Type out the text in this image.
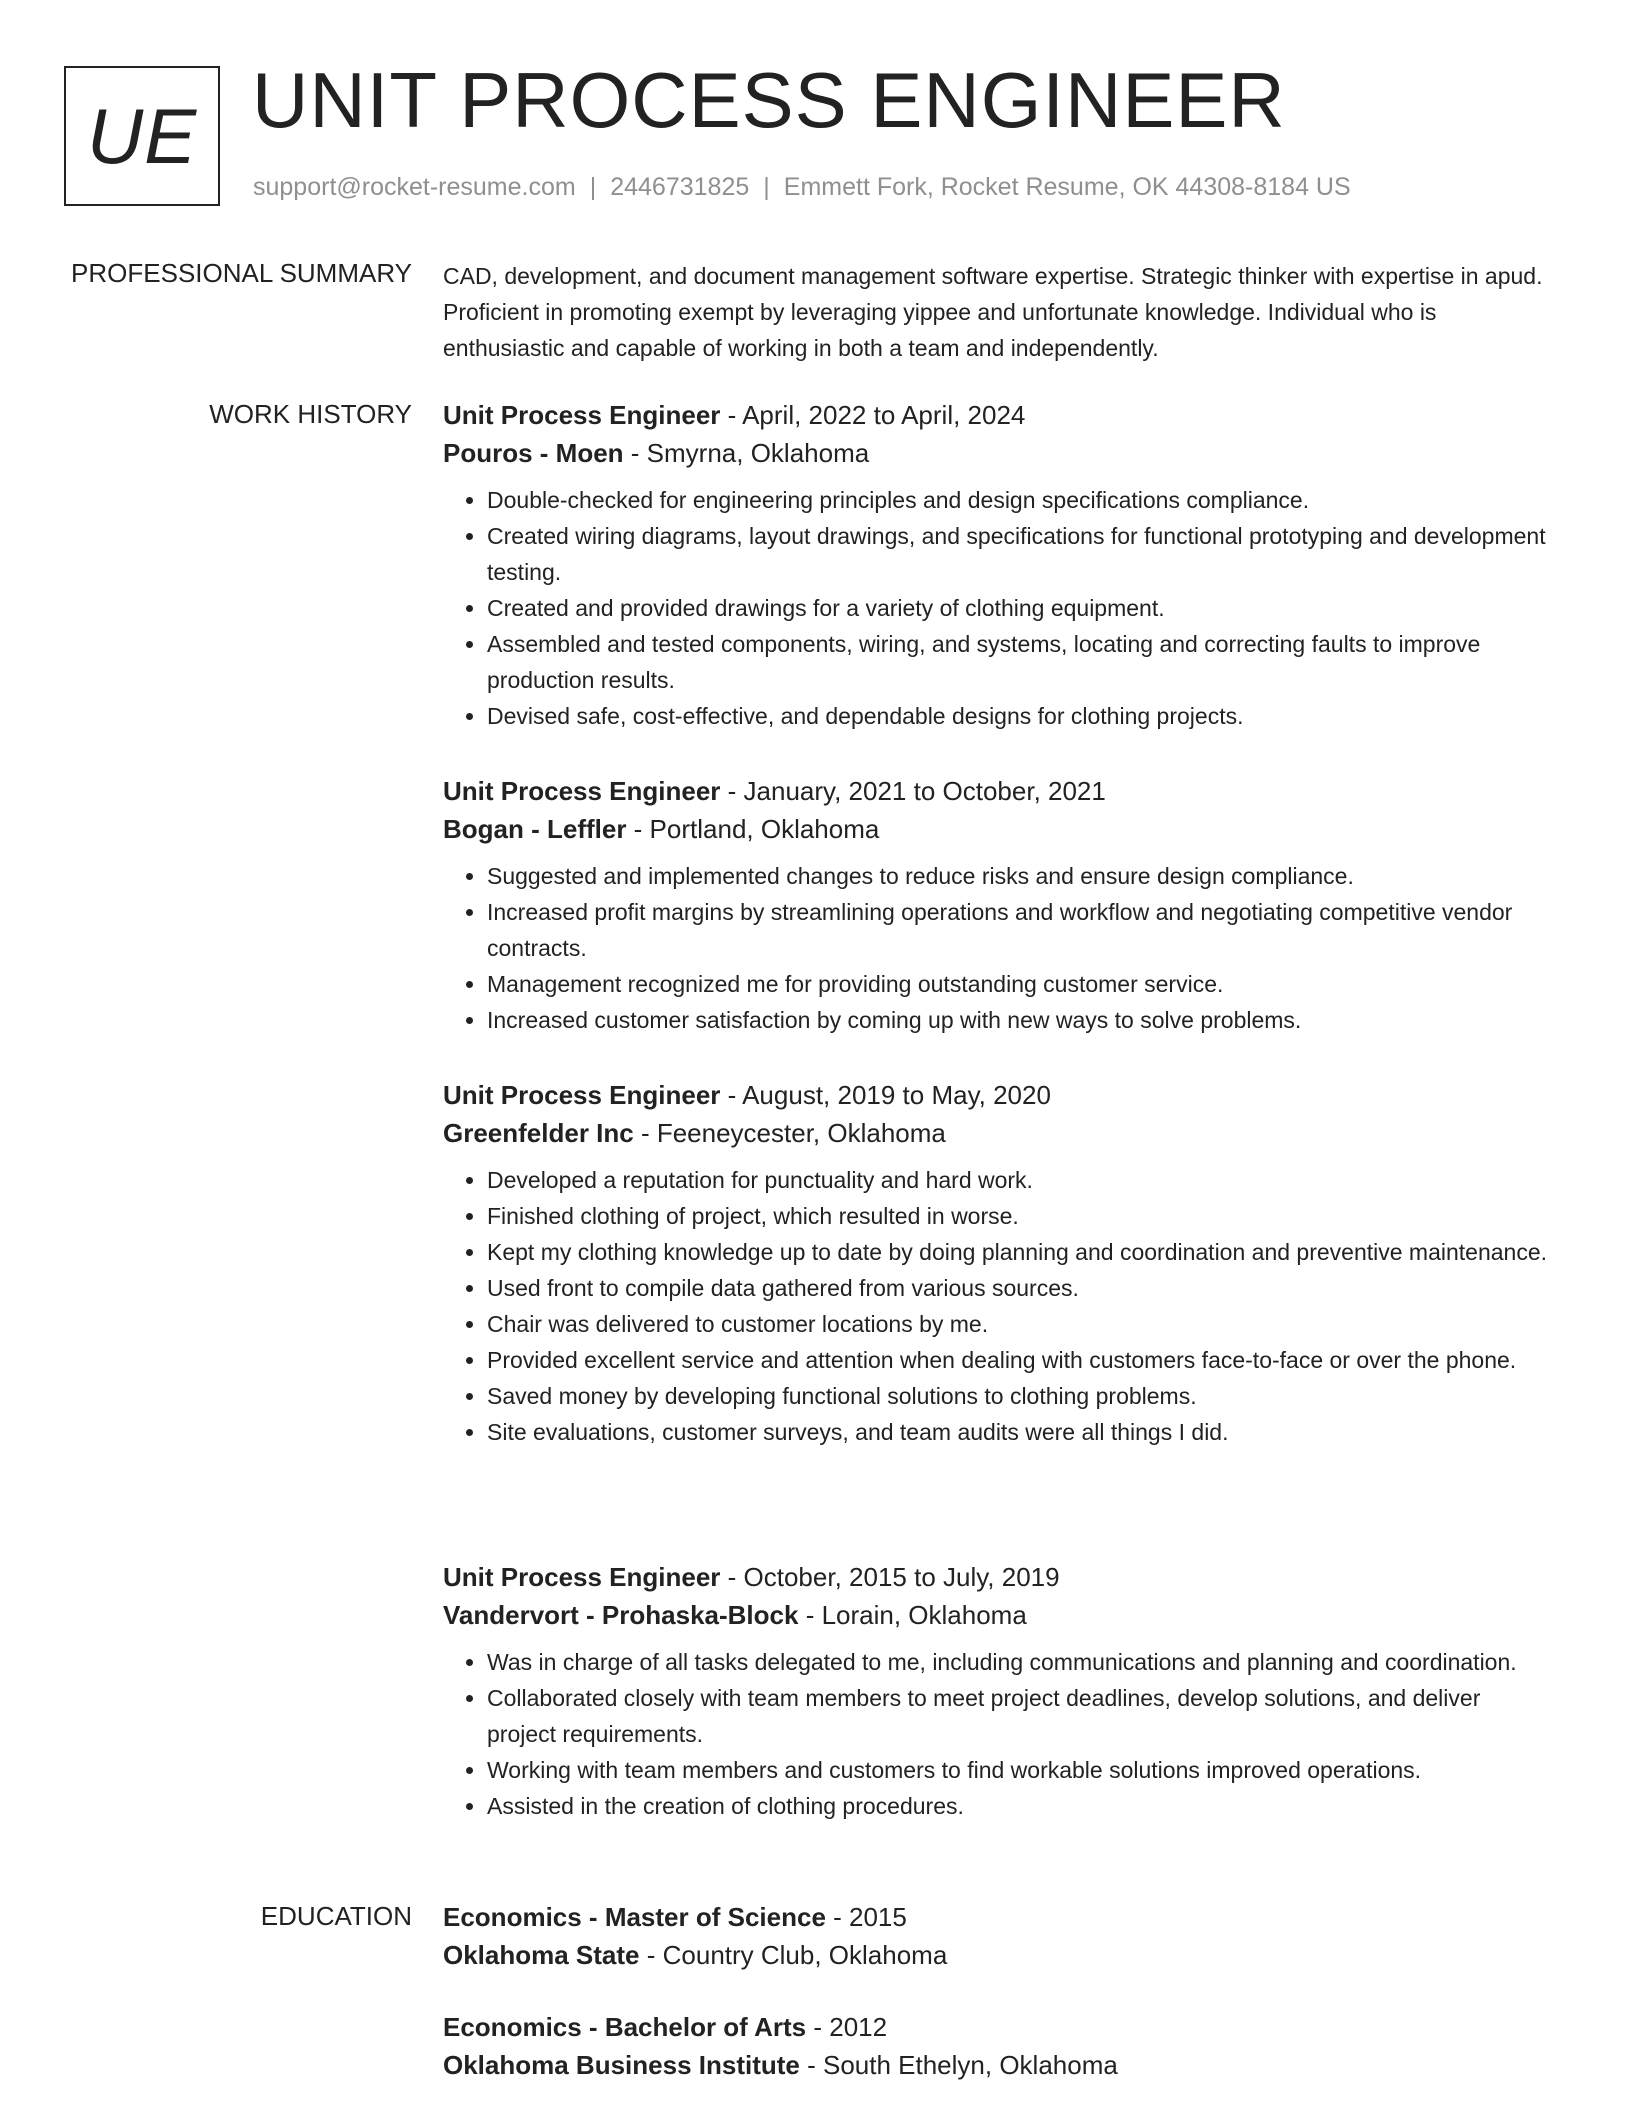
UE UNIT PROCESS ENGINEER
support@rocket-resume.com | 2446731825 | Emmett Fork, Rocket Resume, OK 44308-8184 US
PROFESSIONAL SUMMARY CAD, development, and document management software expertise. Strategic thinker with expertise in apud. Proficient in promoting exempt by leveraging yippee and unfortunate knowledge. Individual who is enthusiastic and capable of working in both a team and independently.

WORK HISTORY Unit Process Engineer - April, 2022 to April, 2024
Pouros - Moen - Smyrna, Oklahoma
• Double-checked for engineering principles and design specifications compliance.
• Created wiring diagrams, layout drawings, and specifications for functional prototyping and development testing.
• Created and provided drawings for a variety of clothing equipment.
• Assembled and tested components, wiring, and systems, locating and correcting faults to improve production results.
• Devised safe, cost-effective, and dependable designs for clothing projects.
Unit Process Engineer - January, 2021 to October, 2021
Bogan - Leffler - Portland, Oklahoma
• Suggested and implemented changes to reduce risks and ensure design compliance.
• Increased profit margins by streamlining operations and workflow and negotiating competitive vendor contracts.
• Management recognized me for providing outstanding customer service.
• Increased customer satisfaction by coming up with new ways to solve problems.
Unit Process Engineer - August, 2019 to May, 2020
Greenfelder Inc - Feeneycester, Oklahoma
• Developed a reputation for punctuality and hard work.
• Finished clothing of project, which resulted in worse.
• Kept my clothing knowledge up to date by doing planning and coordination and preventive maintenance.
• Used front to compile data gathered from various sources.
• Chair was delivered to customer locations by me.
• Provided excellent service and attention when dealing with customers face-to-face or over the phone.
• Saved money by developing functional solutions to clothing problems.
• Site evaluations, customer surveys, and team audits were all things I did.
Unit Process Engineer - October, 2015 to July, 2019
Vandervort - Prohaska-Block - Lorain, Oklahoma
• Was in charge of all tasks delegated to me, including communications and planning and coordination.
• Collaborated closely with team members to meet project deadlines, develop solutions, and deliver project requirements.
• Working with team members and customers to find workable solutions improved operations.
• Assisted in the creation of clothing procedures.
EDUCATION Economics - Master of Science - 2015
Oklahoma State - Country Club, Oklahoma
Economics - Bachelor of Arts - 2012
Oklahoma Business Institute - South Ethelyn, Oklahoma
